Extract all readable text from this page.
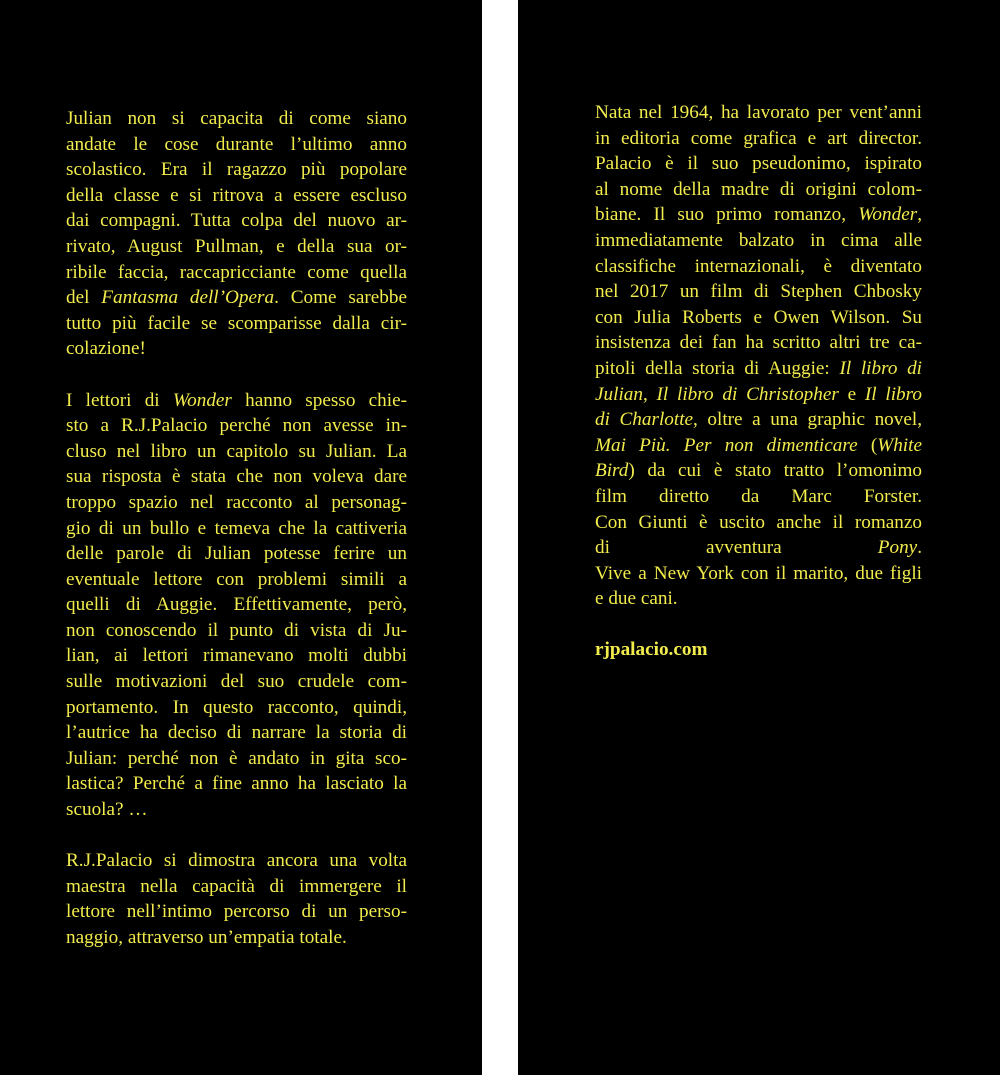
Julian non si capacita di come siano
andate le cose durante l’ultimo anno
scolastico. Era il ragazzo più popolare
della classe e si ritrova a essere escluso
dai compagni. Tutta colpa del nuovo ar-
rivato, August Pullman, e della sua or-
ribile faccia, raccapricciante come quella
del Fantasma dell’Opera. Come sarebbe
tutto più facile se scomparisse dalla cir-
colazione!
I lettori di Wonder hanno spesso chie-
sto a R.J.Palacio perché non avesse in-
cluso nel libro un capitolo su Julian. La
sua risposta è stata che non voleva dare
troppo spazio nel racconto al personag-
gio di un bullo e temeva che la cattiveria
delle parole di Julian potesse ferire un
eventuale lettore con problemi simili a
quelli di Auggie. Effettivamente, però,
non conoscendo il punto di vista di Ju-
lian, ai lettori rimanevano molti dubbi
sulle motivazioni del suo crudele com-
portamento. In questo racconto, quindi,
l’autrice ha deciso di narrare la storia di
Julian: perché non è andato in gita sco-
lastica? Perché a fine anno ha lasciato la
scuola? …
R.J.Palacio si dimostra ancora una volta
maestra nella capacità di immergere il
lettore nell’intimo percorso di un perso-
naggio, attraverso un’empatia totale.
Nata nel 1964, ha lavorato per vent’anni
in editoria come grafica e art director.
Palacio è il suo pseudonimo, ispirato
al nome della madre di origini colom-
biane. Il suo primo romanzo, Wonder,
immediatamente balzato in cima alle
classifiche internazionali, è diventato
nel 2017 un film di Stephen Chbosky
con Julia Roberts e Owen Wilson. Su
insistenza dei fan ha scritto altri tre ca-
pitoli della storia di Auggie: Il libro di
Julian, Il libro di Christopher e Il libro
di Charlotte, oltre a una graphic novel,
Mai Più. Per non dimenticare (White
Bird) da cui è stato tratto l’omonimo
film diretto da Marc Forster.
Con Giunti è uscito anche il romanzo
di avventura Pony.
Vive a New York con il marito, due figli
e due cani.
rjpalacio.com
